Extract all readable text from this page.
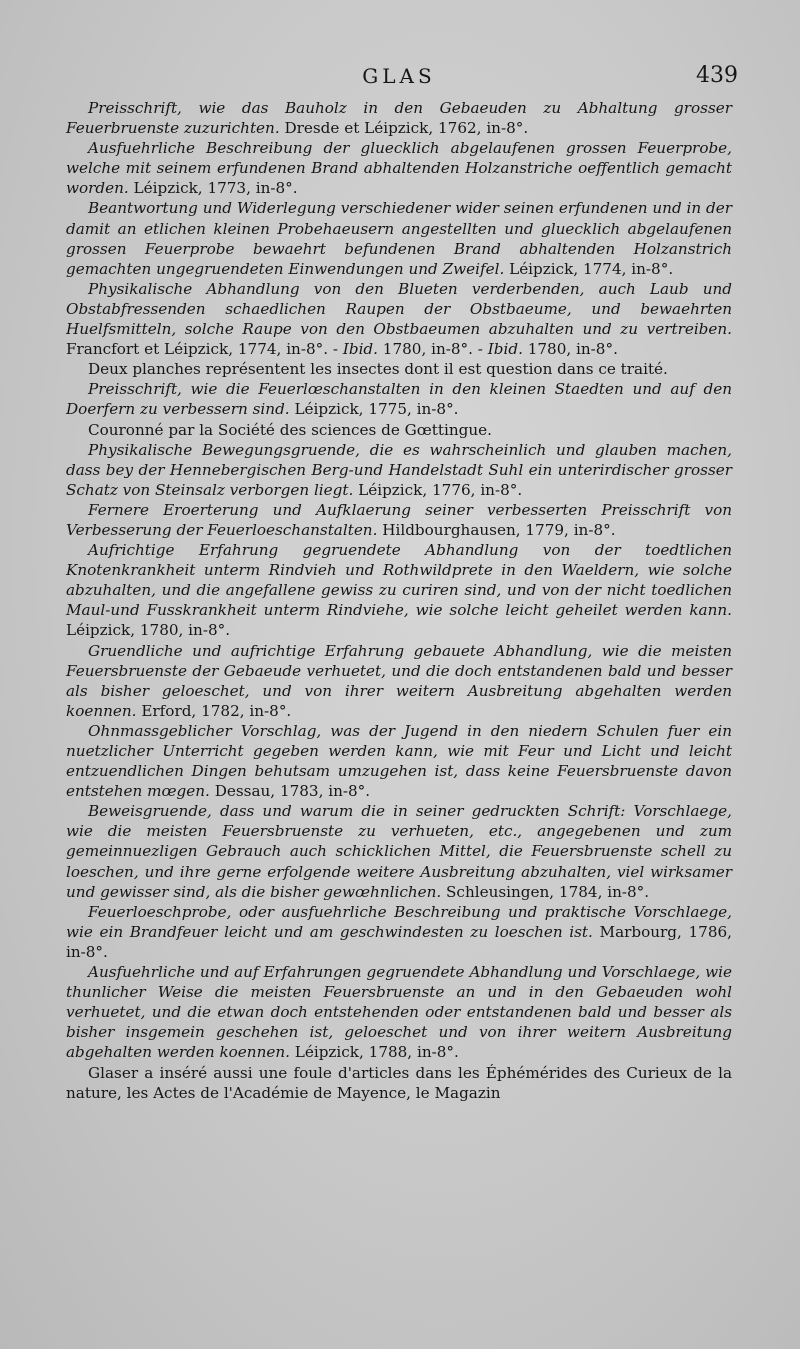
GLAS	439

Preisschrift, wie das Bauholz in den Gebaeuden zu Abhaltung grosser Feuerbruenste zuzurichten. Dresde et Léipzick, 1762, in-8°.

Ausfuehrliche Beschreibung der gluecklich abgelaufenen grossen Feuerprobe, welche mit seinem erfundenen Brand abhaltenden Holzanstriche oeffentlich gemacht worden. Léipzick, 1773, in-8°.

Beantwortung und Widerlegung verschiedener wider seinen erfundenen und in der damit an etlichen kleinen Probehaeusern angestellten und gluecklich abgelaufenen grossen Feuerprobe bewaehrt befundenen Brand abhaltenden Holzanstrich gemachten ungegruendeten Einwendungen und Zweifel. Léipzick, 1774, in-8°.

Physikalische Abhandlung von den Blueten verderbenden, auch Laub und Obstabfressenden schaedlichen Raupen der Obstbaeume, und bewaehrten Huelfsmitteln, solche Raupe von den Obstbaeumen abzuhalten und zu vertreiben. Francfort et Léipzick, 1774, in-8°. - Ibid. 1780, in-8°. - Ibid. 1780, in-8°.

Deux planches représentent les insectes dont il est question dans ce traité.

Preisschrift, wie die Feuerlœschanstalten in den kleinen Staedten und auf den Doerfern zu verbessern sind. Léipzick, 1775, in-8°.

Couronné par la Société des sciences de Gœttingue.

Physikalische Bewegungsgruende, die es wahrscheinlich und glauben machen, dass bey der Hennebergischen Berg-und Handelstadt Suhl ein unterirdischer grosser Schatz von Steinsalz verborgen liegt. Léipzick, 1776, in-8°.

Fernere Eroerterung und Aufklaerung seiner verbesserten Preisschrift von Verbesserung der Feuerloeschanstalten. Hildbourghausen, 1779, in-8°.

Aufrichtige Erfahrung gegruendete Abhandlung von der toedtlichen Knotenkrankheit unterm Rindvieh und Rothwildprete in den Waeldern, wie solche abzuhalten, und die angefallene gewiss zu curiren sind, und von der nicht toedlichen Maul-und Fusskrankheit unterm Rindviehe, wie solche leicht geheilet werden kann. Léipzick, 1780, in-8°.

Gruendliche und aufrichtige Erfahrung gebauete Abhandlung, wie die meisten Feuersbruenste der Gebaeude verhuetet, und die doch entstandenen bald und besser als bisher geloeschet, und von ihrer weitern Ausbreitung abgehalten werden koennen. Erford, 1782, in-8°.

Ohnmassgeblicher Vorschlag, was der Jugend in den niedern Schulen fuer ein nuetzlicher Unterricht gegeben werden kann, wie mit Feur und Licht und leicht entzuendlichen Dingen behutsam umzugehen ist, dass keine Feuersbruenste davon entstehen mœgen. Dessau, 1783, in-8°.

Beweisgruende, dass und warum die in seiner gedruckten Schrift: Vorschlaege, wie die meisten Feuersbruenste zu verhueten, etc., angegebenen und zum gemeinnuezligen Gebrauch auch schicklichen Mittel, die Feuersbruenste schell zu loeschen, und ihre gerne erfolgende weitere Ausbreitung abzuhalten, viel wirksamer und gewisser sind, als die bisher gewœhnlichen. Schleusingen, 1784, in-8°.

Feuerloeschprobe, oder ausfuehrliche Beschreibung und praktische Vorschlaege, wie ein Brandfeuer leicht und am geschwindesten zu loeschen ist. Marbourg, 1786, in-8°.

Ausfuehrliche und auf Erfahrungen gegruendete Abhandlung und Vorschlaege, wie thunlicher Weise die meisten Feuersbruenste an und in den Gebaeuden wohl verhuetet, und die etwan doch entstehenden oder entstandenen bald und besser als bisher insgemein geschehen ist, geloeschet und von ihrer weitern Ausbreitung abgehalten werden koennen. Léipzick, 1788, in-8°.

Glaser a inséré aussi une foule d'articles dans les Éphémérides des Curieux de la nature, les Actes de l'Académie de Mayence, le Magazin
